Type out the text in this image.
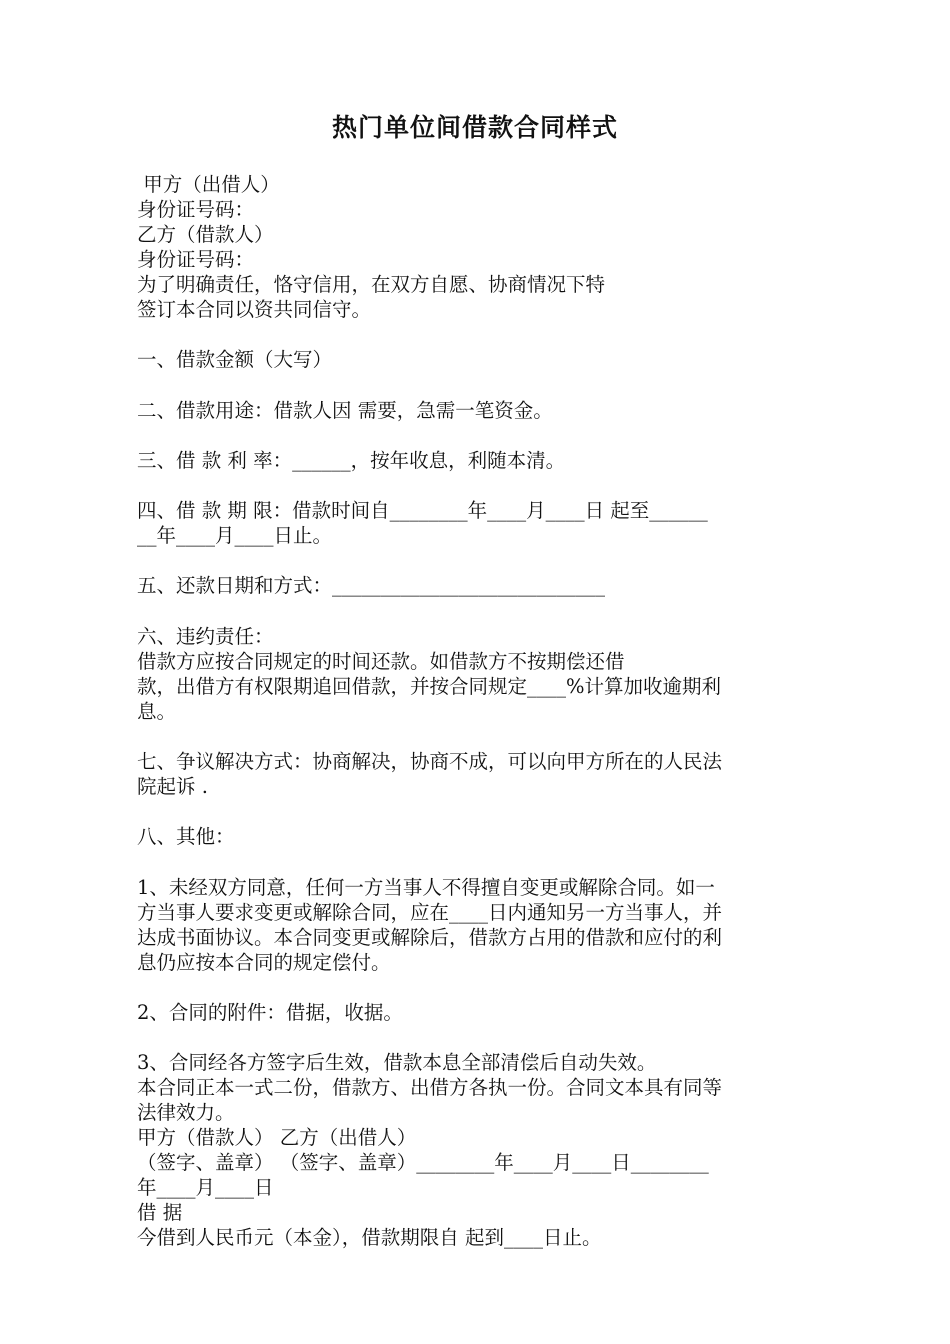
热门单位间借款合同样式
甲方（出借人）
身份证号码：
乙方（借款人）
身份证号码：
为了明确责任，恪守信用，在双方自愿、协商情况下特
签订本合同以资共同信守。
一、借款金额（大写）
二、借款用途：借款人因 需要，急需一笔资金。
三、借 款 利 率：______，按年收息，利随本清。
四、借 款 期 限：借款时间自________年____月____日 起至______
__年____月____日止。
五、还款日期和方式：____________________________
六、违约责任：
借款方应按合同规定的时间还款。如借款方不按期偿还借
款，出借方有权限期追回借款，并按合同规定____%计算加收逾期利
息。
七、争议解决方式：协商解决，协商不成，可以向甲方所在的人民法
院起诉 .
八、其他：
1、未经双方同意，任何一方当事人不得擅自变更或解除合同。如一
方当事人要求变更或解除合同，应在____日内通知另一方当事人，并
达成书面协议。本合同变更或解除后，借款方占用的借款和应付的利
息仍应按本合同的规定偿付。
2、合同的附件：借据，收据。
3、合同经各方签字后生效，借款本息全部清偿后自动失效。
本合同正本一式二份，借款方、出借方各执一份。合同文本具有同等
法律效力。
甲方（借款人） 乙方（出借人）
（签字、盖章） （签字、盖章）________年____月____日________
年____月____日
借 据
今借到人民币元（本金），借款期限自 起到____日止。
